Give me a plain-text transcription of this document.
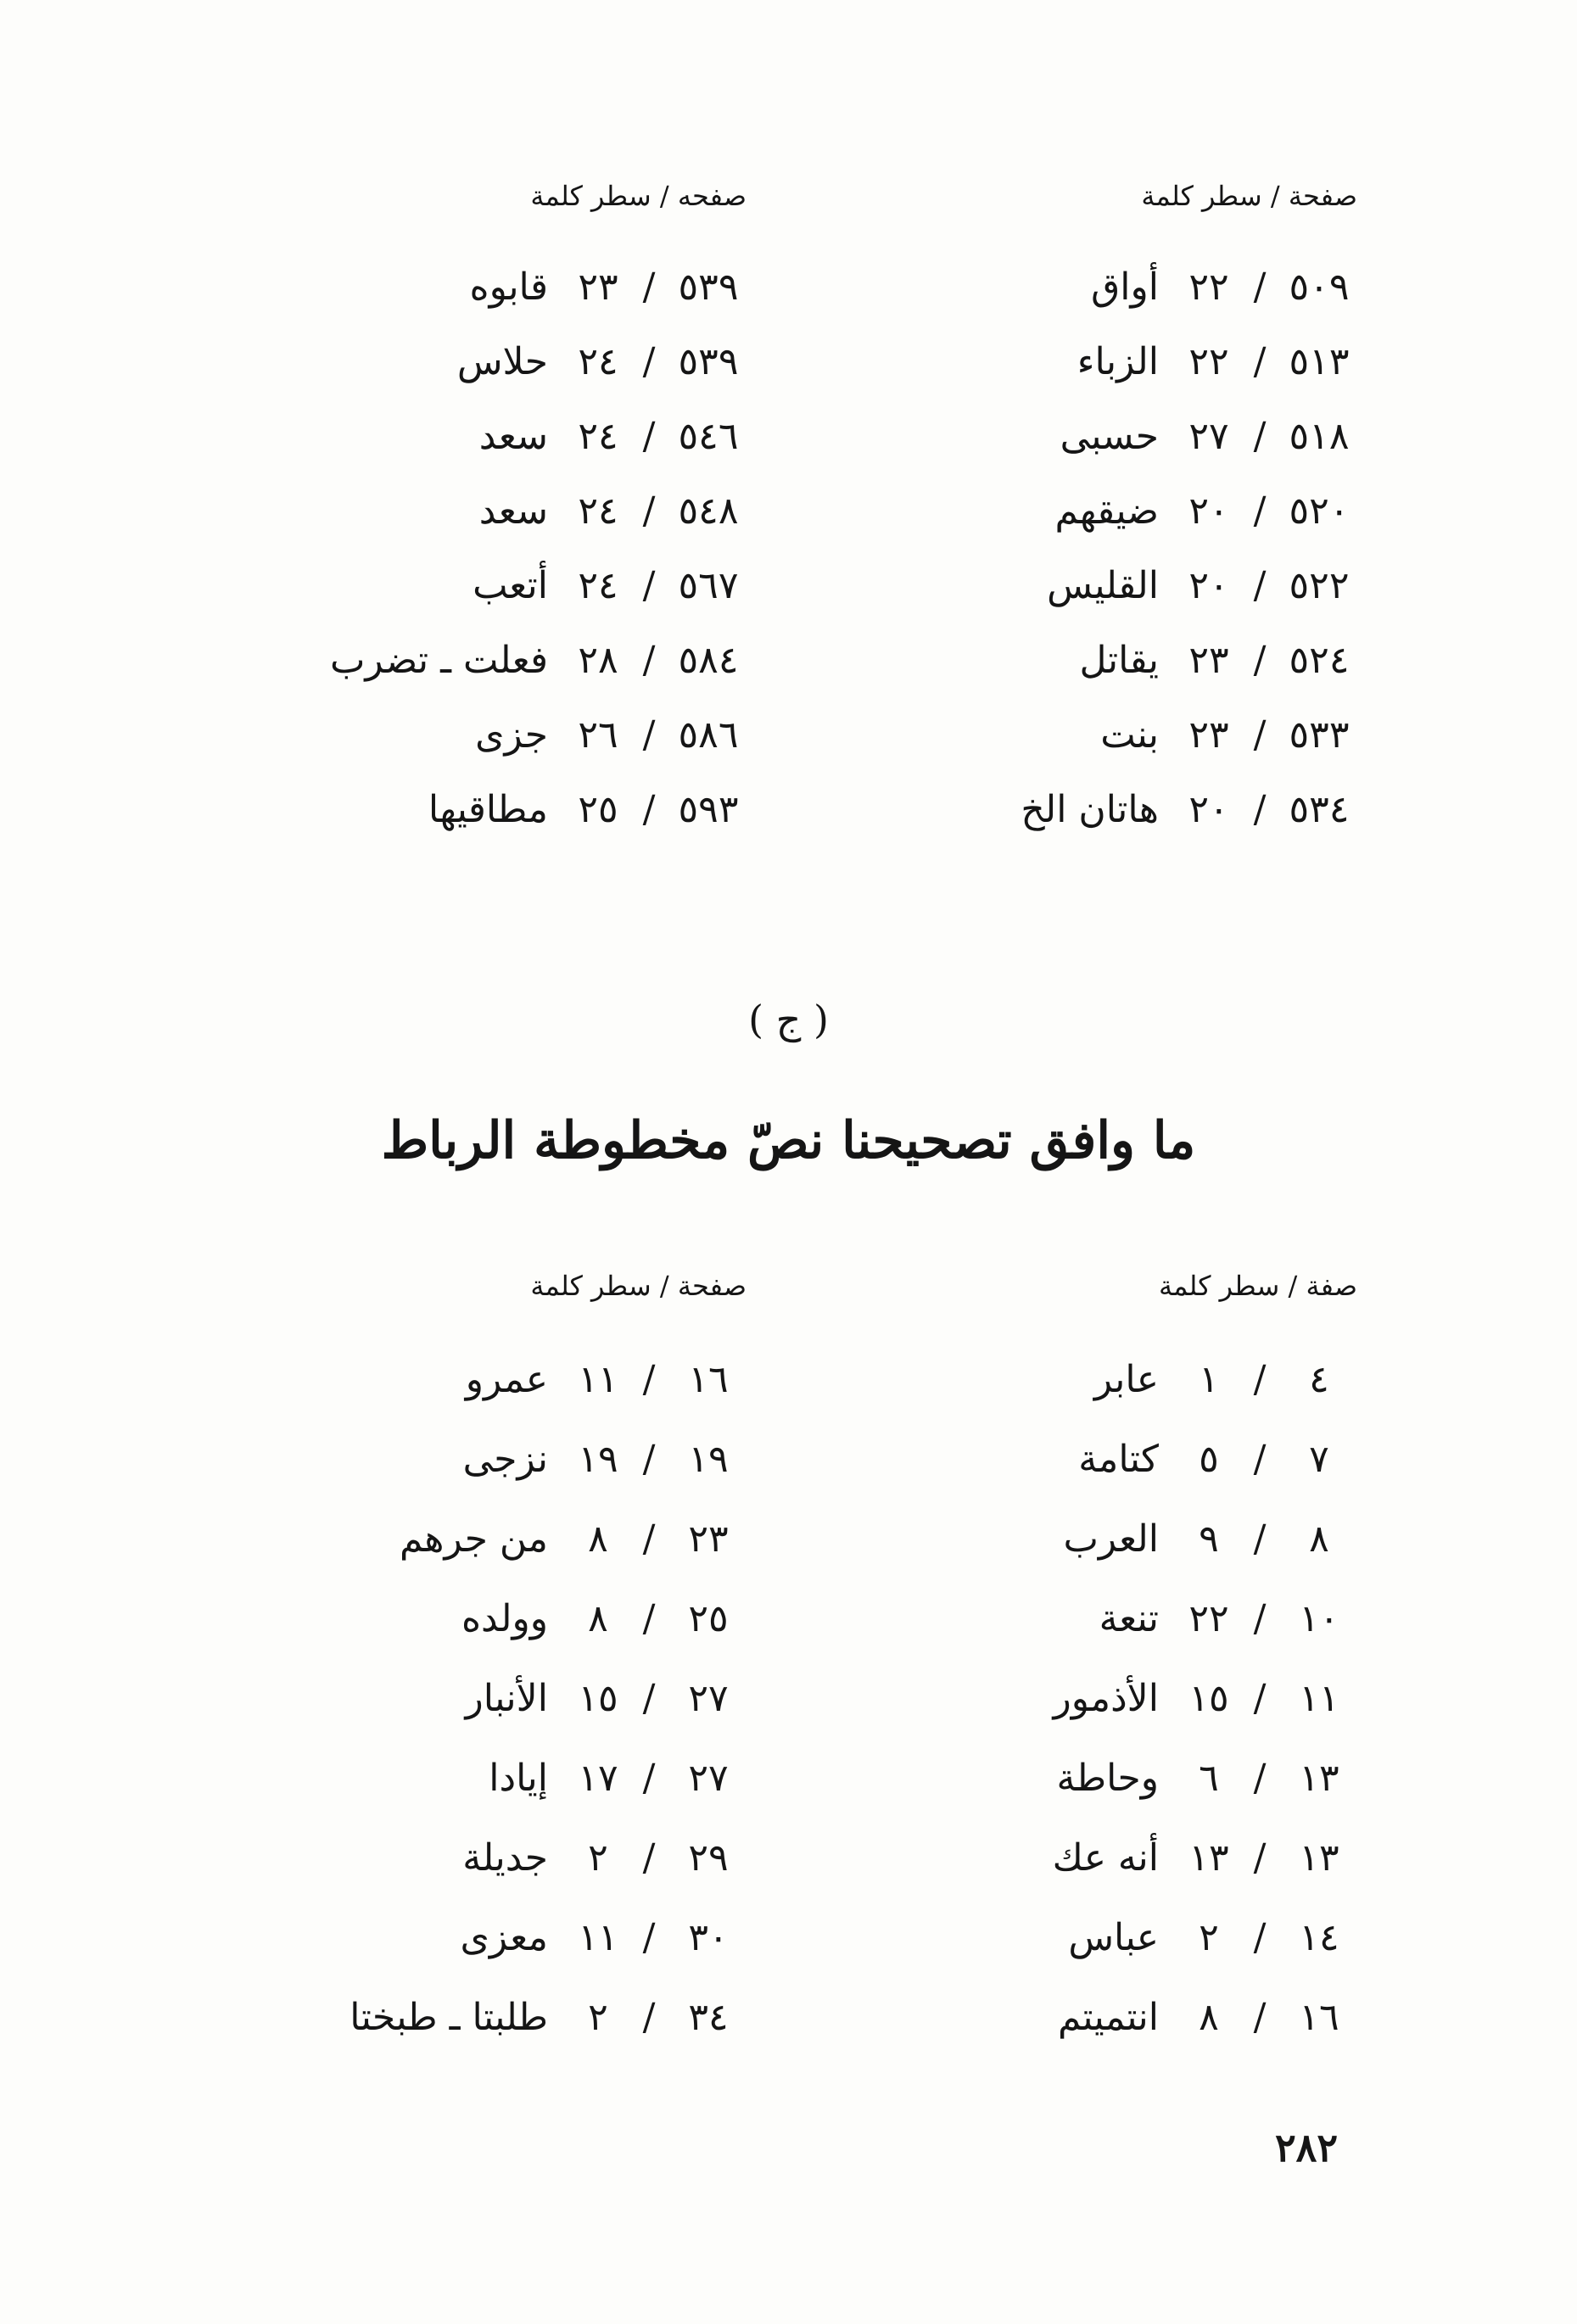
صفحة / سطر كلمة
٥٠٩
/
٢٢
أواق
٥١٣
/
٢٢
الزباء
٥١٨
/
٢٧
حسبى
٥٢٠
/
٢٠
ضيقهم
٥٢٢
/
٢٠
القليس
٥٢٤
/
٢٣
يقاتل
٥٣٣
/
٢٣
بنت
٥٣٤
/
٢٠
هاتان الخ
صفحه / سطر كلمة
٥٣٩
/
٢٣
قابوه
٥٣٩
/
٢٤
حلاس
٥٤٦
/
٢٤
سعد
٥٤٨
/
٢٤
سعد
٥٦٧
/
٢٤
أتعب
٥٨٤
/
٢٨
فعلت ـ تضرب
٥٨٦
/
٢٦
جزى
٥٩٣
/
٢٥
مطاقيها
( ج )
ما وافق تصحيحنا نصّ مخطوطة الرباط
صفة / سطر كلمة
٤
/
١
عابر
٧
/
٥
كتامة
٨
/
٩
العرب
١٠
/
٢٢
تنعة
١١
/
١٥
الأذمور
١٣
/
٦
وحاطة
١٣
/
١٣
أنه عك
١٤
/
٢
عباس
١٦
/
٨
انتميتم
صفحة / سطر كلمة
١٦
/
١١
عمرو
١٩
/
١٩
نزجى
٢٣
/
٨
من جرهم
٢٥
/
٨
وولده
٢٧
/
١٥
الأنبار
٢٧
/
١٧
إيادا
٢٩
/
٢
جديلة
٣٠
/
١١
معزى
٣٤
/
٢
طلبتا ـ طبختا
٢٨٢
